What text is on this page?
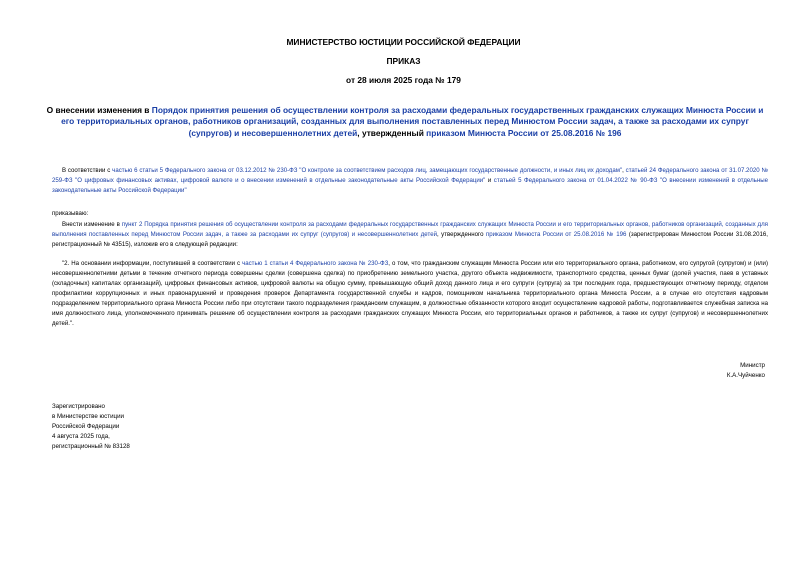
МИНИСТЕРСТВО ЮСТИЦИИ РОССИЙСКОЙ ФЕДЕРАЦИИ
ПРИКАЗ
от 28 июля 2025 года № 179
О внесении изменения в Порядок принятия решения об осуществлении контроля за расходами федеральных государственных гражданских служащих Минюста России и его территориальных органов, работников организаций, созданных для выполнения поставленных перед Минюстом России задач, а также за расходами их супруг (супругов) и несовершеннолетних детей, утвержденный приказом Минюста России от 25.08.2016 № 196
В соответствии с частью 6 статьи 5 Федерального закона от 03.12.2012 № 230-ФЗ "О контроле за соответствием расходов лиц, замещающих государственные должности, и иных лиц их доходам", статьей 24 Федерального закона от 31.07.2020 № 259-ФЗ "О цифровых финансовых активах, цифровой валюте и о внесении изменений в отдельные законодательные акты Российской Федерации" и статьей 5 Федерального закона от 01.04.2022 № 90-ФЗ "О внесении изменений в отдельные законодательные акты Российской Федерации"
приказываю:
Внести изменение в пункт 2 Порядка принятия решения об осуществлении контроля за расходами федеральных государственных гражданских служащих Минюста России и его территориальных органов, работников организаций, созданных для выполнения поставленных перед Минюстом России задач, а также за расходами их супруг (супругов) и несовершеннолетних детей, утвержденного приказом Минюста России от 25.08.2016 № 196 (зарегистрирован Минюстом России 31.08.2016, регистрационный № 43515), изложив его в следующей редакции:
"2. На основании информации, поступившей в соответствии с частью 1 статьи 4 Федерального закона № 230-ФЗ, о том, что гражданским служащим Минюста России или его территориального органа, работником, его супругой (супругом) и (или) несовершеннолетними детьми в течение отчетного периода совершены сделки (совершена сделка) по приобретению земельного участка, другого объекта недвижимости, транспортного средства, ценных бумаг (долей участия, паев в уставных (складочных) капиталах организаций), цифровых финансовых активов, цифровой валюты на общую сумму, превышающую общий доход данного лица и его супруги (супруга) за три последних года, предшествующих отчетному периоду, отделом профилактики коррупционных и иных правонарушений и проведения проверок Департамента государственной службы и кадров, помощником начальника территориального органа Минюста России, а в случае его отсутствия кадровым подразделением территориального органа Минюста России либо при отсутствии такого подразделения гражданским служащим, в должностные обязанности которого входит осуществление кадровой работы, подготавливается служебная записка на имя должностного лица, уполномоченного принимать решение об осуществлении контроля за расходами гражданских служащих Минюста России, его территориальных органов и работников, а также их супруг (супругов) и несовершеннолетних детей.".
Министр
К.А.Чуйченко
Зарегистрировано
в Министерстве юстиции
Российской Федерации
4 августа 2025 года,
регистрационный № 83128
